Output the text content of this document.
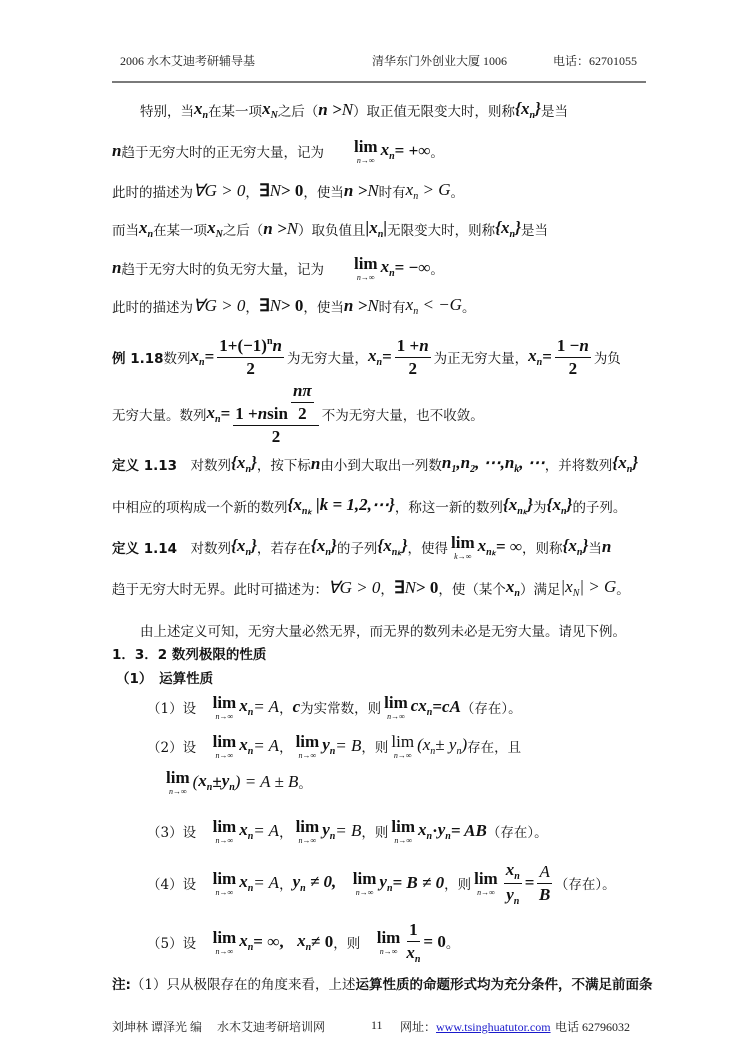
2006 水木艾迪考研辅导基	清华东门外创业大厦 1006	电话：62701055
特别，当 $x_n$ 在某一项 $x_N$ 之后（ n > N ）取正值无限变大时，则称 $\{x_n\}$ 是当
n 趋于无穷大时的正无穷大量，记为　　 lim
n→∞
$x_n$ = +∞ 。
此时的描述为 ∀G > 0 ， ∃ N > 0 ，使当 n > N 时有 $x_n > G$ 。
而当 $x_n$ 在某一项 $x_N$ 之后（ n > N ）取负值且 $|x_n|$ 无限变大时，则称 $\{x_n\}$ 是当
n 趋于无穷大时的负无穷大量，记为　　 lim
n→∞
$x_n$ = −∞ 。
此时的描述为 ∀G > 0 ， ∃ N > 0 ，使当 n > N 时有 $x_n < -G$ 。
例 1.18 数列 $x_n = \frac{1+(-1)^n n}{2}$ 为无穷大量， $x_n = \frac{1 + n}{2}$ 为正无穷大量， $x_n = \frac{1 - n}{2}$ 为负
无穷大量。数列 $x_n = \frac{1 + n \sin \frac{n\pi}{2}}{2}$ 不为无穷大量，也不收敛。
定义 1.13 　对数列 $\{x_n\}$ ，按下标 n 由小到大取出一列数 $n_1$, $n_2$, ⋯, $n_k$, ⋯ ，并将数列 $\{x_n\}$
中相应的项构成一个新的数列 {$x_{n_k}$ |k = 1,2,⋯} ，称这一新的数列 $\{x_{n_k}\}$ 为 $\{x_n\}$ 的子列。
定义 1.14 　对数列 $\{x_n\}$ ，若存在 $\{x_n\}$ 的子列 $\{x_{n_k}\}$ ，使得 lim
k→∞
$x_{n_k}$ = ∞ ，则称 $\{x_n\}$ 当 n
趋于无穷大时无界。此时可描述为： ∀G > 0 ， ∃ N > 0 ，使（某个 $x_n$ ）满足 $|x_N| > G$ 。
由上述定义可知，无穷大量必然无界，而无界的数列未必是无穷大量。请见下例。
1．3．2 数列极限的性质
（1）　运算性质
（1）设　 lim
n→∞
$x_n = A$ ， c 为实常数，则 lim
n→∞
$cx_n$ = cA （存在）。
（2）设　 lim
n→∞
$x_n = A$ ， lim
n→∞
$y_n = B$ ，则 lim
n→∞
$(x_n \pm y_n)$ 存在，且
lim
n→∞ ( $x_n \pm y_n$ ) = A ± B 。
（3）设　 lim
n→∞
$x_n = A$ ， lim
n→∞
$y_n = B$ ，则 lim
n→∞
$x_n \cdot y_n$ = AB （存在）。
（4）设　 lim
n→∞
$x_n = A$ ， $y_n \ne 0$,
　 lim
n→∞
$y_n = B \ne 0$ ，则 lim
$n\to\infty \frac{x_n}{y_n} = \frac{A}{B}$ （存在）。
（5）设　 lim
n→∞
$x_n$ = ∞,
　 $x_n \ne 0$ ，则　 lim
$n\to\infty \frac{1}{x_n} = 0$ 。
注: （1）只从极限存在的角度来看，上述 运算性质的命题形式均为充分条件，不满足前面条
刘坤林 谭泽光 编　 水木艾迪考研培训网	11 网址：www.tsinghuatutor.com 电话 62796032
